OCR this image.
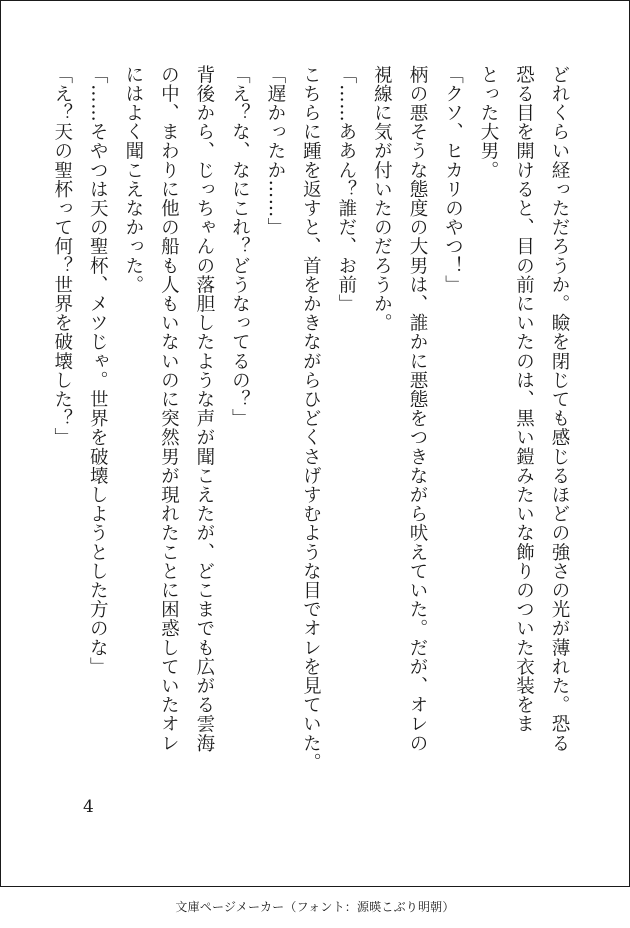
どれくらい経っただろうか。瞼を閉じても感じるほどの強さの光が薄れた。恐る
恐る目を開けると、目の前にいたのは、黒い鎧みたいな飾りのついた衣装をま
とった大男。
「クソ、ヒカリのやつ！」
柄の悪そうな態度の大男は、誰かに悪態をつきながら吠えていた。だが、オレの
視線に気が付いたのだろうか。
「……ああん？誰だ、お前」
こちらに踵を返すと、首をかきながらひどくさげすむような目でオレを見ていた。
「遅かったか……」
「え？な、なにこれ？どうなってるの？」
背後から、じっちゃんの落胆したような声が聞こえたが、どこまでも広がる雲海
の中、まわりに他の船も人もいないのに突然男が現れたことに困惑していたオレ
にはよく聞こえなかった。
「……そやつは天の聖杯、メツじゃ。世界を破壊しようとした方のな」
「え？天の聖杯って何？世界を破壊した？」
4
文庫ページメーカー（フォント：源暎こぶり明朝）
